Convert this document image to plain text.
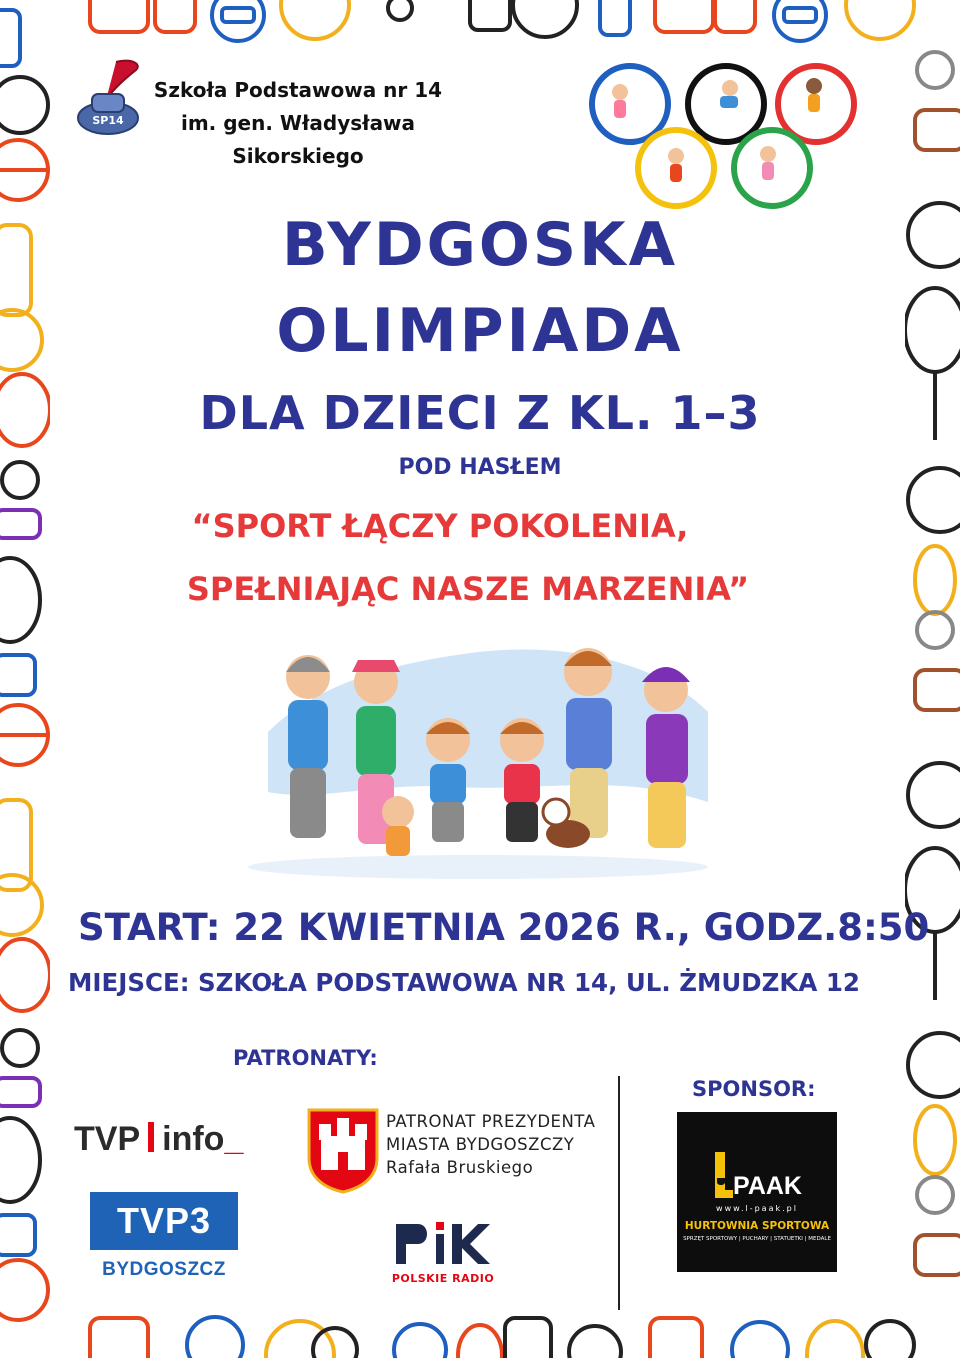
SP14
Szkoła Podstawowa nr 14
im. gen. Władysława
Sikorskiego
BYDGOSKA
OLIMPIADA
DLA DZIECI Z KL. 1–3
POD HASŁEM
“SPORT ŁĄCZY POKOLENIA,
SPEŁNIAJĄC NASZE MARZENIA”
START: 22 KWIETNIA 2026 R., GODZ.8:50
MIEJSCE: SZKOŁA PODSTAWOWA NR 14, UL. ŻMUDZKA 12
PATRONATY:
TVP info_
TVP3
BYDGOSZCZ
PATRONAT PREZYDENTA
MIASTA BYDGOSZCZY
Rafała Bruskiego
POLSKIE RADIO
SPONSOR:
PAAK
www.l-paak.pl
HURTOWNIA SPORTOWA
SPRZĘT SPORTOWY | PUCHARY | STATUETKI | MEDALE
